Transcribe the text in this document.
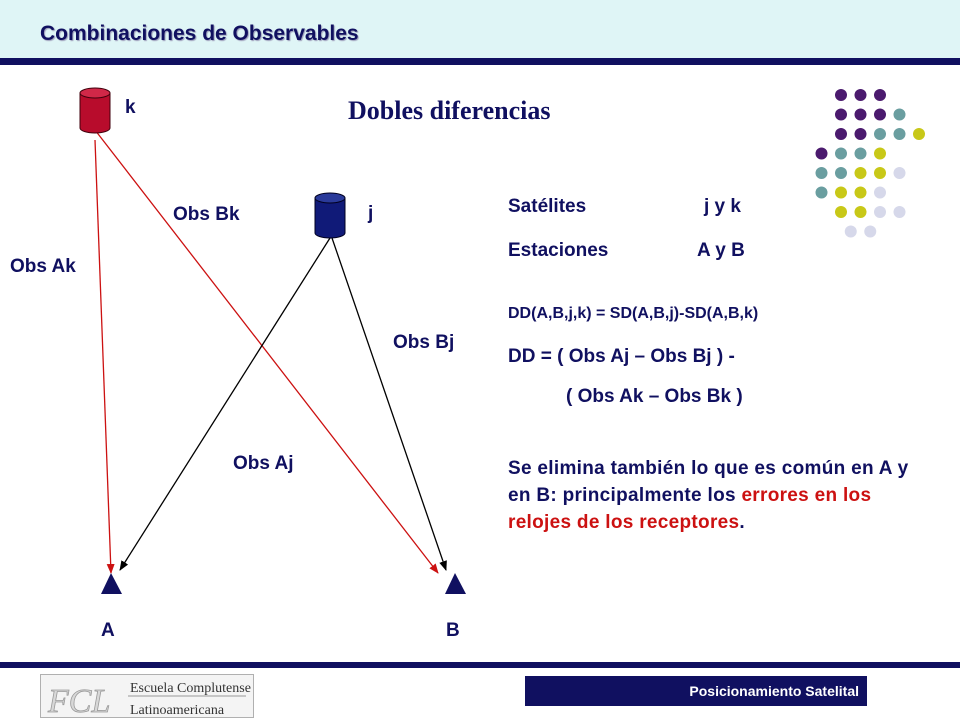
Combinaciones de Observables
k
j
Obs Bk
Obs Ak
Obs Bj
Obs Aj
A	B
Dobles diferencias
Satélites	j y k
Estaciones	A y B
DD(A,B,j,k) = SD(A,B,j)-SD(A,B,k)
DD = ( Obs Aj – Obs Bj ) -
( Obs Ak – Obs Bk )
Se elimina también lo que es común en A y en B: principalmente los errores en los relojes de los receptores.
FCL Escuela Complutense
Latinoamericana
Posicionamiento Satelital
